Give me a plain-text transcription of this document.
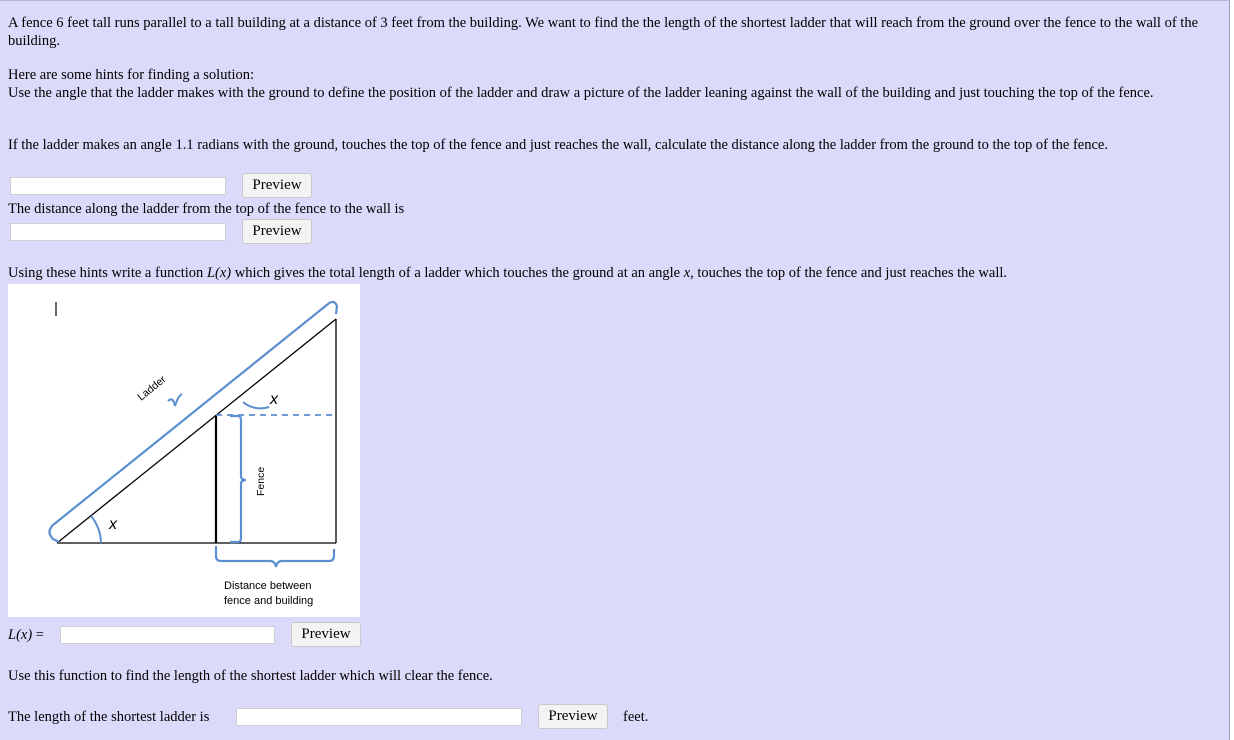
A fence 6 feet tall runs parallel to a tall building at a distance of 3 feet from the building. We want to find the the length of the shortest ladder that will reach from the ground over the fence to the wall of the building.

Here are some hints for finding a solution:

Use the angle that the ladder makes with the ground to define the position of the ladder and draw a picture of the ladder leaning against the wall of the building and just touching the top of the fence.

If the ladder makes an angle 1.1 radians with the ground, touches the top of the fence and just reaches the wall, calculate the distance along the ladder from the ground to the top of the fence.

Preview

The distance along the ladder from the top of the fence to the wall is

Preview

Using these hints write a function L(x) which gives the total length of a ladder which touches the ground at an angle x, touches the top of the fence and just reaches the wall.

Ladder
Fence
Distance between
fence and building
x
x

L(x) =	Preview

Use this function to find the length of the shortest ladder which will clear the fence.

The length of the shortest ladder is	Preview	feet.
